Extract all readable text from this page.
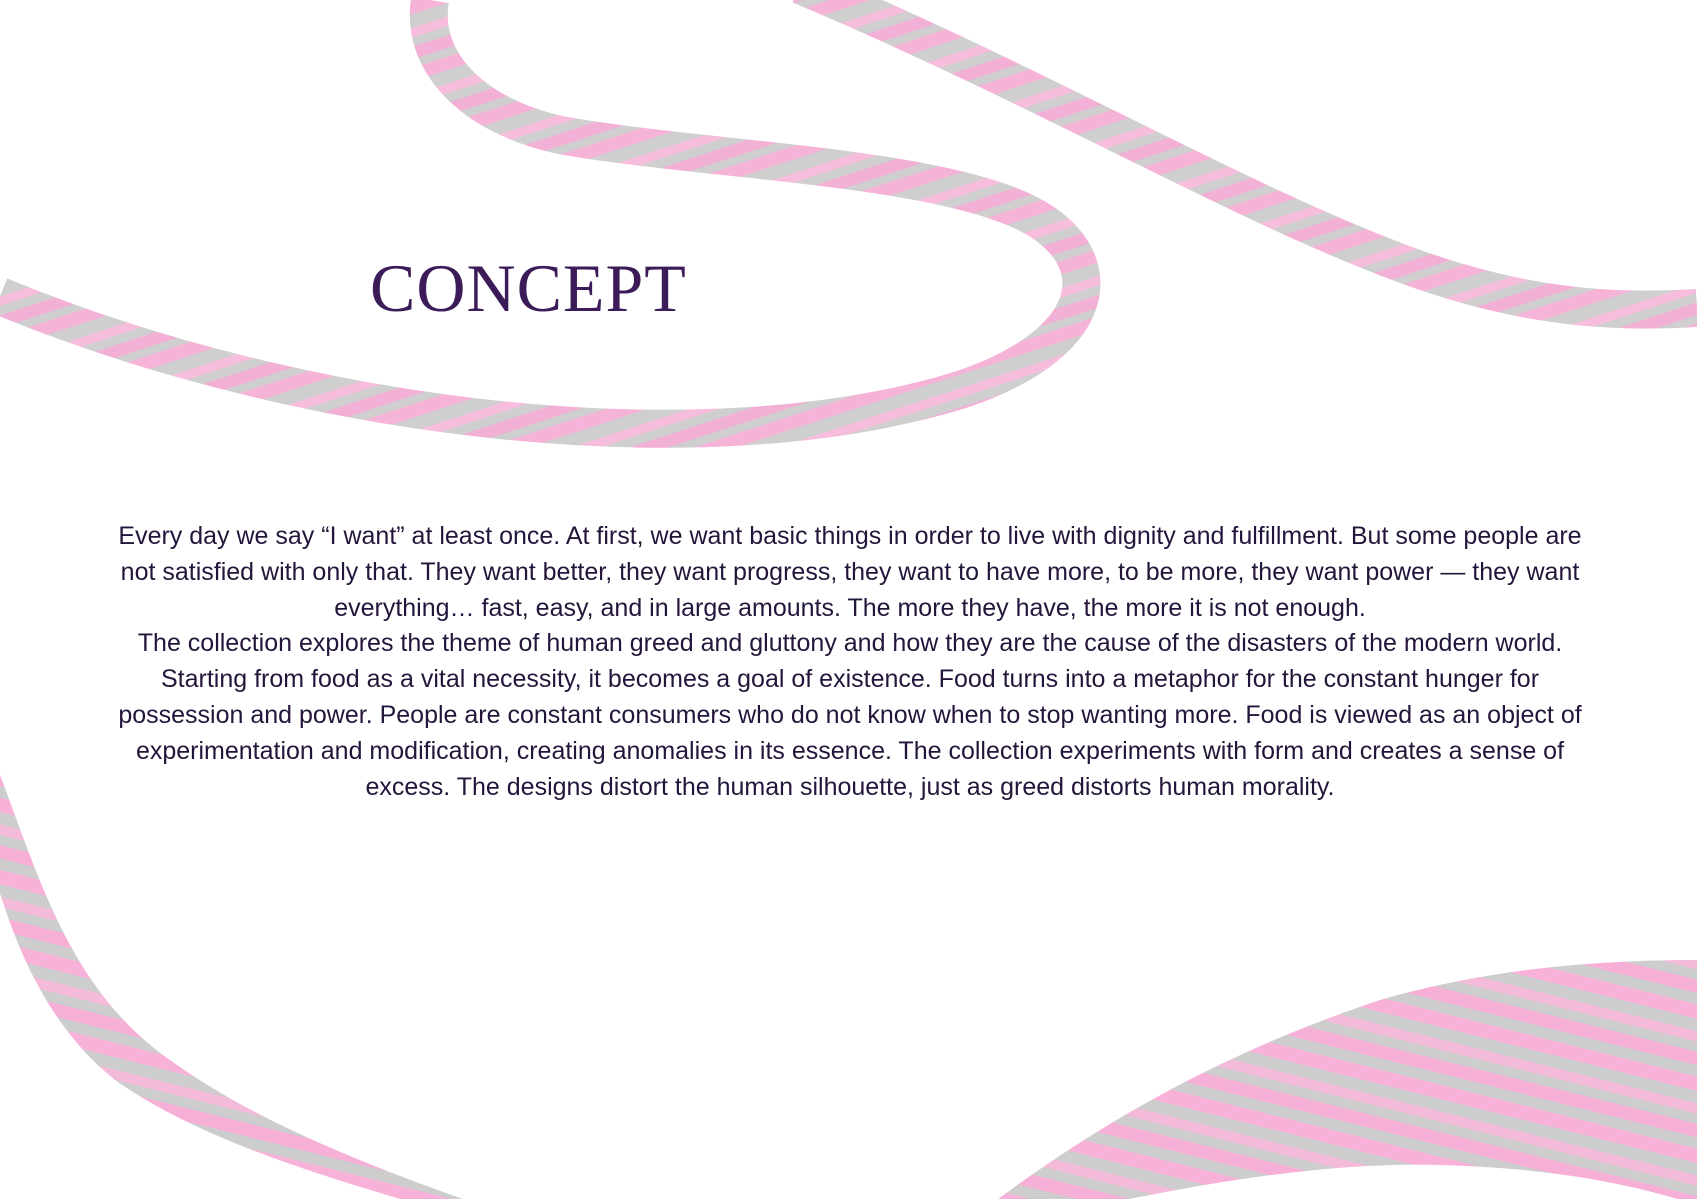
CONCEPT

Every day we say “I want” at least once. At first, we want basic things in order to live with dignity and fulfillment. But some people are not satisfied with only that. They want better, they want progress, they want to have more, to be more, they want power — they want everything… fast, easy, and in large amounts. The more they have, the more it is not enough.

The collection explores the theme of human greed and gluttony and how they are the cause of the disasters of the modern world. Starting from food as a vital necessity, it becomes a goal of existence. Food turns into a metaphor for the constant hunger for possession and power. People are constant consumers who do not know when to stop wanting more. Food is viewed as an object of experimentation and modification, creating anomalies in its essence. The collection experiments with form and creates a sense of excess. The designs distort the human silhouette, just as greed distorts human morality.
